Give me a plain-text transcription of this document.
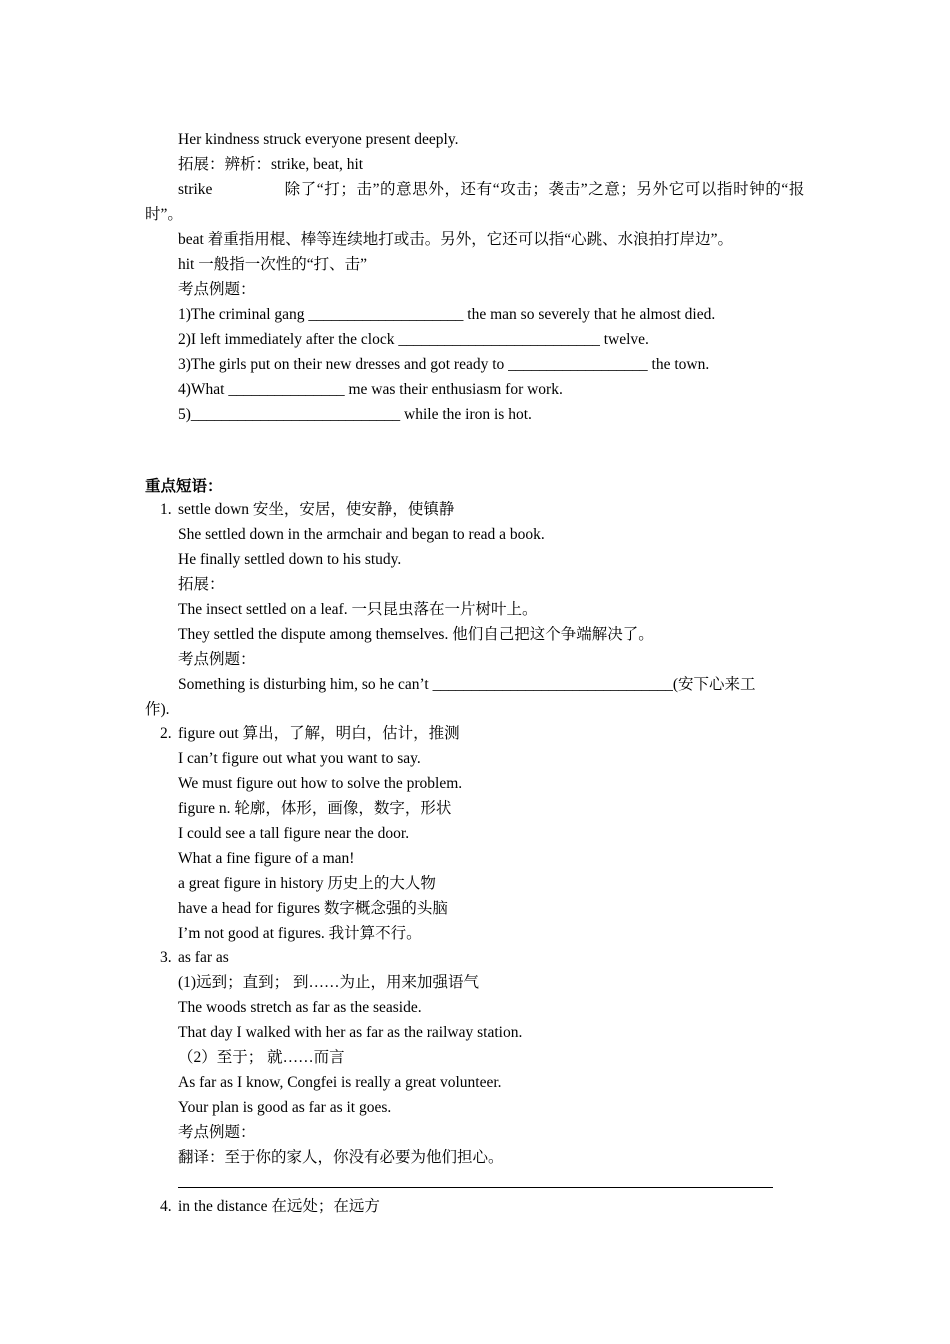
Her kindness struck everyone present deeply.
拓展：辨析：strike, beat, hit
strike	除了“打；击”的意思外，还有“攻击；袭击”之意；另外它可以指时钟的“报
时”。
beat 着重指用棍、棒等连续地打或击。另外，它还可以指“心跳、水浪拍打岸边”。
hit 一般指一次性的“打、击”
考点例题：
1)The criminal gang ____________________ the man so severely that he almost died.
2)I left immediately after the clock __________________________ twelve.
3)The girls put on their new dresses and got ready to __________________ the town.
4)What _______________ me was their enthusiasm for work.
5)___________________________ while the iron is hot.
重点短语：
1. settle down 安坐，安居，使安静，使镇静
She settled down in the armchair and began to read a book.
He finally settled down to his study.
拓展：
The insect settled on a leaf. 一只昆虫落在一片树叶上。
They settled the dispute among themselves. 他们自己把这个争端解决了。
考点例题：
Something is disturbing him, so he can’t _______________________________(安下心来工
作).
2. figure out 算出，了解，明白，估计，推测
I can’t figure out what you want to say.
We must figure out how to solve the problem.
figure n. 轮廓，体形，画像，数字，形状
I could see a tall figure near the door.
What a fine figure of a man!
a great figure in history 历史上的大人物
have a head for figures 数字概念强的头脑
I’m not good at figures. 我计算不行。
3. as far as
(1)远到；直到； 到……为止，用来加强语气
The woods stretch as far as the seaside.
That day I walked with her as far as the railway station.
（2）至于； 就……而言
As far as I know, Congfei is really a great volunteer.
Your plan is good as far as it goes.
考点例题：
翻译：至于你的家人，你没有必要为他们担心。
4. in the distance 在远处；在远方
